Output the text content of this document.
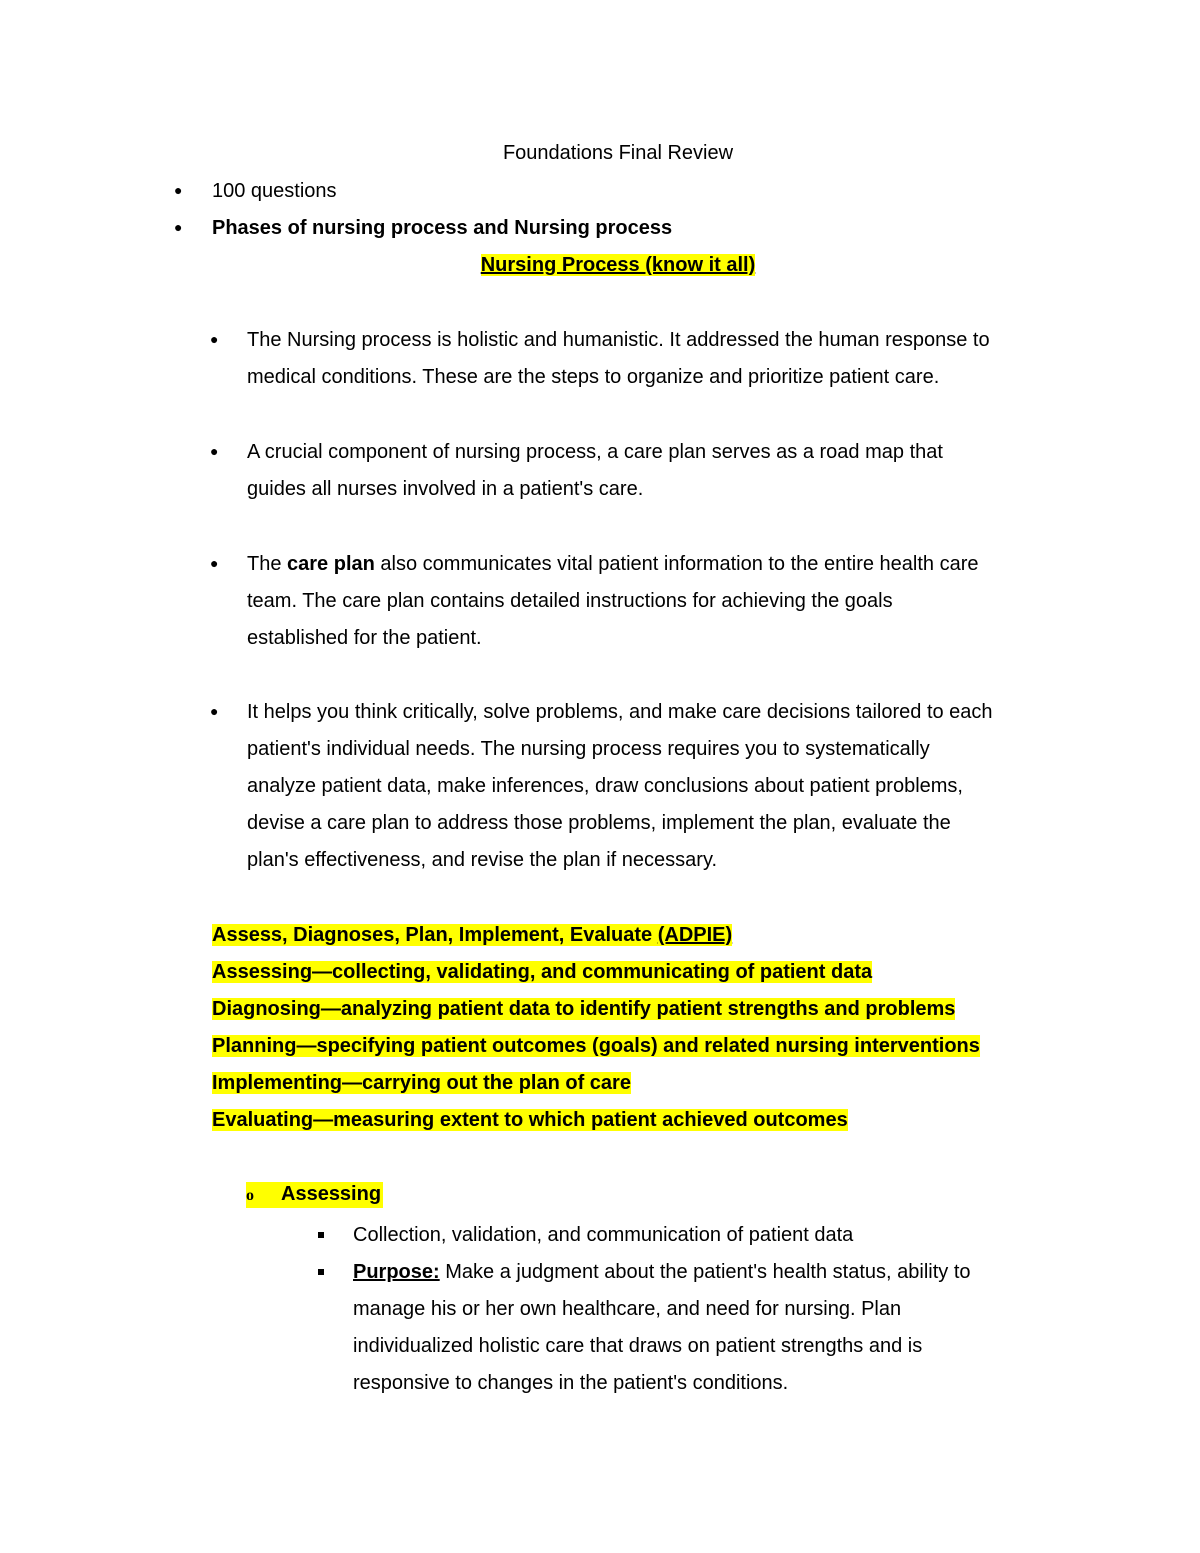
Foundations Final Review
● 100 questions
● Phases of nursing process and Nursing process
Nursing Process (know it all)
● The Nursing process is holistic and humanistic. It addressed the human response to
medical conditions. These are the steps to organize and prioritize patient care.
● A crucial component of nursing process, a care plan serves as a road map that
guides all nurses involved in a patient's care.
● The care plan also communicates vital patient information to the entire health care
team. The care plan contains detailed instructions for achieving the goals
established for the patient.
● It helps you think critically, solve problems, and make care decisions tailored to each
patient's individual needs. The nursing process requires you to systematically
analyze patient data, make inferences, draw conclusions about patient problems,
devise a care plan to address those problems, implement the plan, evaluate the
plan's effectiveness, and revise the plan if necessary.
Assess, Diagnoses, Plan, Implement, Evaluate (ADPIE)
Assessing—collecting, validating, and communicating of patient data
Diagnosing—analyzing patient data to identify patient strengths and problems
Planning—specifying patient outcomes (goals) and related nursing interventions
Implementing—carrying out the plan of care
Evaluating—measuring extent to which patient achieved outcomes
o Assessing
Collection, validation, and communication of patient data
Purpose: Make a judgment about the patient's health status, ability to
manage his or her own healthcare, and need for nursing. Plan
individualized holistic care that draws on patient strengths and is
responsive to changes in the patient's conditions.
